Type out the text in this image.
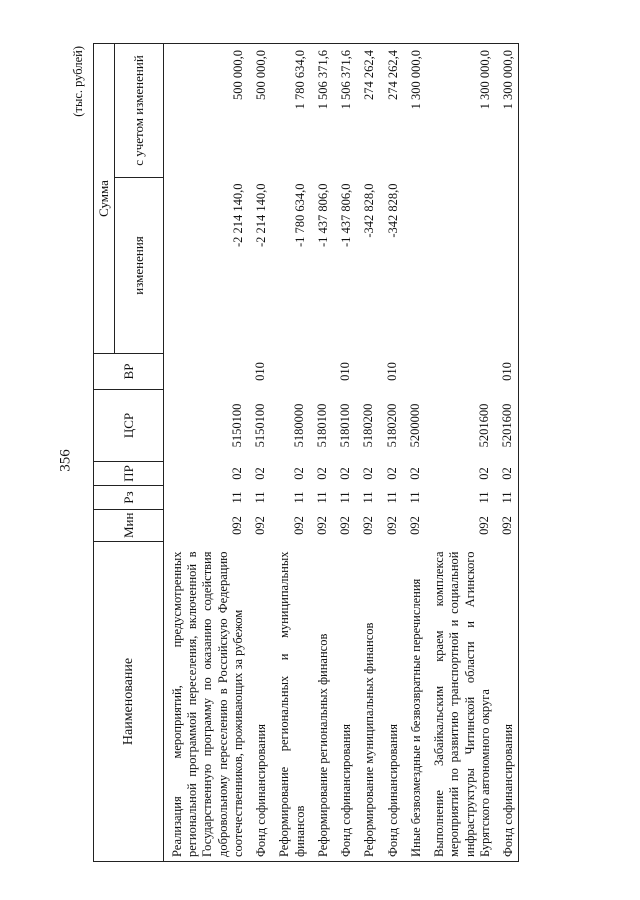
356
(тыс. рублей)
Наименование	Мин	Рз	ПР	ЦСР	ВР	Сумма	
						изменения	с учетом изменений
Реализация мероприятий, предусмотренных региональной программой переселения, включенной в Государственную программу по оказанию содействия добровольному переселению в Российскую Федерацию соотечественников, проживающих за рубежом	092	11	02	5150100		-2 214 140,0	500 000,0
Фонд софинансирования	092	11	02	5150100	010	-2 214 140,0	500 000,0
Реформирование региональных и муниципальных финансов	092	11	02	5180000		-1 780 634,0	1 780 634,0
Реформирование региональных финансов	092	11	02	5180100		-1 437 806,0	1 506 371,6
Фонд софинансирования	092	11	02	5180100	010	-1 437 806,0	1 506 371,6
Реформирование муниципальных финансов	092	11	02	5180200		-342 828,0	274 262,4
Фонд софинансирования	092	11	02	5180200	010	-342 828,0	274 262,4
Иные безвозмездные и безвозвратные перечисления	092	11	02	5200000			1 300 000,0
Выполнение Забайкальским краем комплекса мероприятий по развитию транспортной и социальной инфраструктуры Читинской области и Агинского Бурятского автономного округа	092	11	02	5201600			1 300 000,0
Фонд софинансирования	092	11	02	5201600	010		1 300 000,0
